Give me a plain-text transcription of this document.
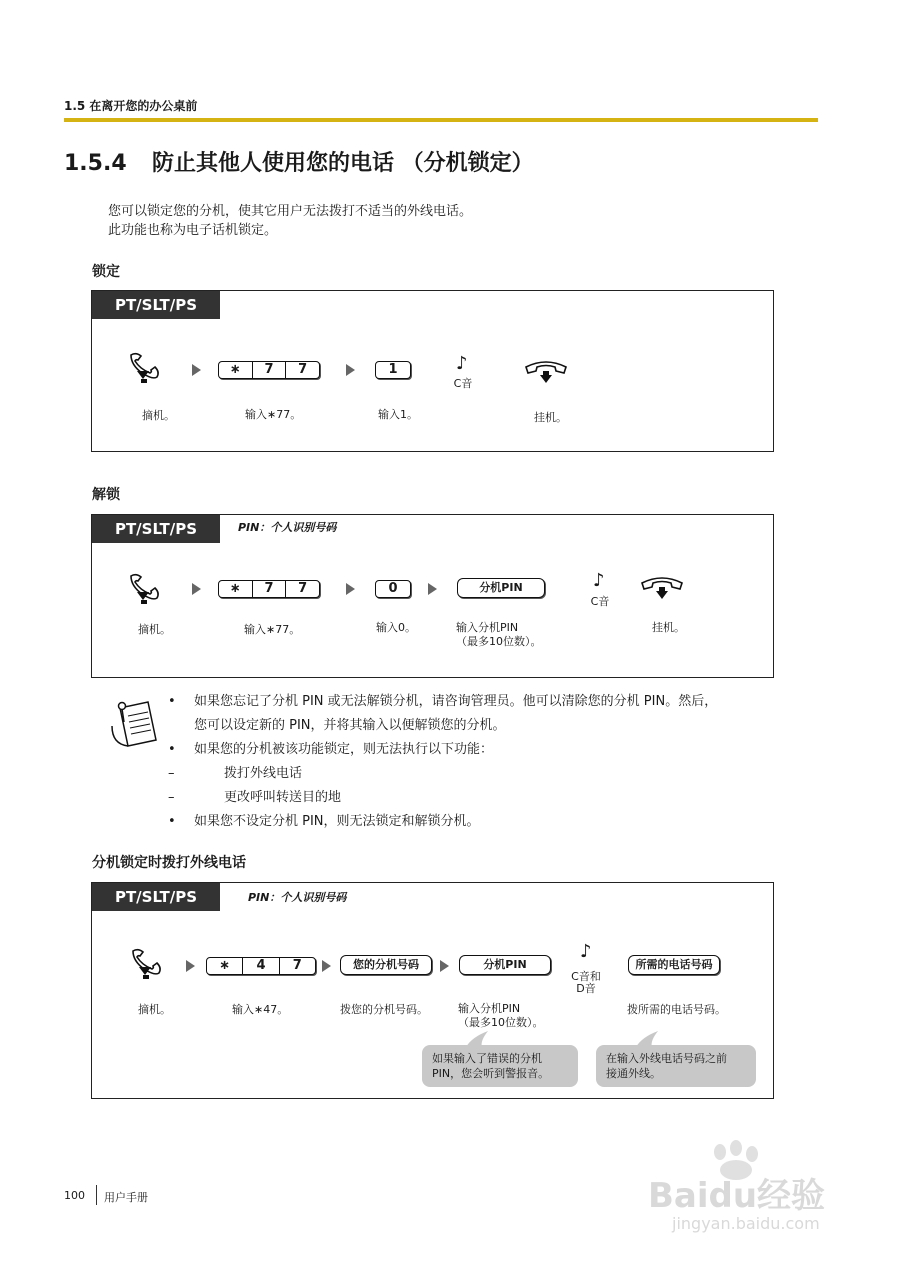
1.5 在离开您的办公桌前
1.5.4 防止其他人使用您的电话 （分机锁定）
您可以锁定您的分机，使其它用户无法拨打不适当的外线电话。
此功能也称为电子话机锁定。
锁定
PT/SLT/PS
∗	7	7	1	♪
C音
摘机。	输入∗77。	输入1。	挂机。
解锁
PT/SLT/PS	PIN：个人识别号码
∗	7	7	0	分机PIN	♪
C音
摘机。	输入∗77。	输入0。	输入分机PIN
（最多10位数）。
挂机。
• 如果您忘记了分机 PIN 或无法解锁分机，请咨询管理员。他可以清除您的分机 PIN。然后，
您可以设定新的 PIN，并将其输入以便解锁您的分机。
• 如果您的分机被该功能锁定，则无法执行以下功能：
–	拨打外线电话
–	更改呼叫转送目的地
• 如果您不设定分机 PIN，则无法锁定和解锁分机。
分机锁定时拨打外线电话
PT/SLT/PS	PIN：个人识别号码
∗	4	7	您的分机号码	分机PIN
♪
C音和
D音
所需的电话号码
摘机。	输入∗47。	拨您的分机号码。	输入分机PIN
（最多10位数）。
拨所需的电话号码。
如果输入了错误的分机
PIN，您会听到警报音。
在输入外线电话号码之前
接通外线。
100 用户手册	Baidu经验
jingyan.baidu.com
